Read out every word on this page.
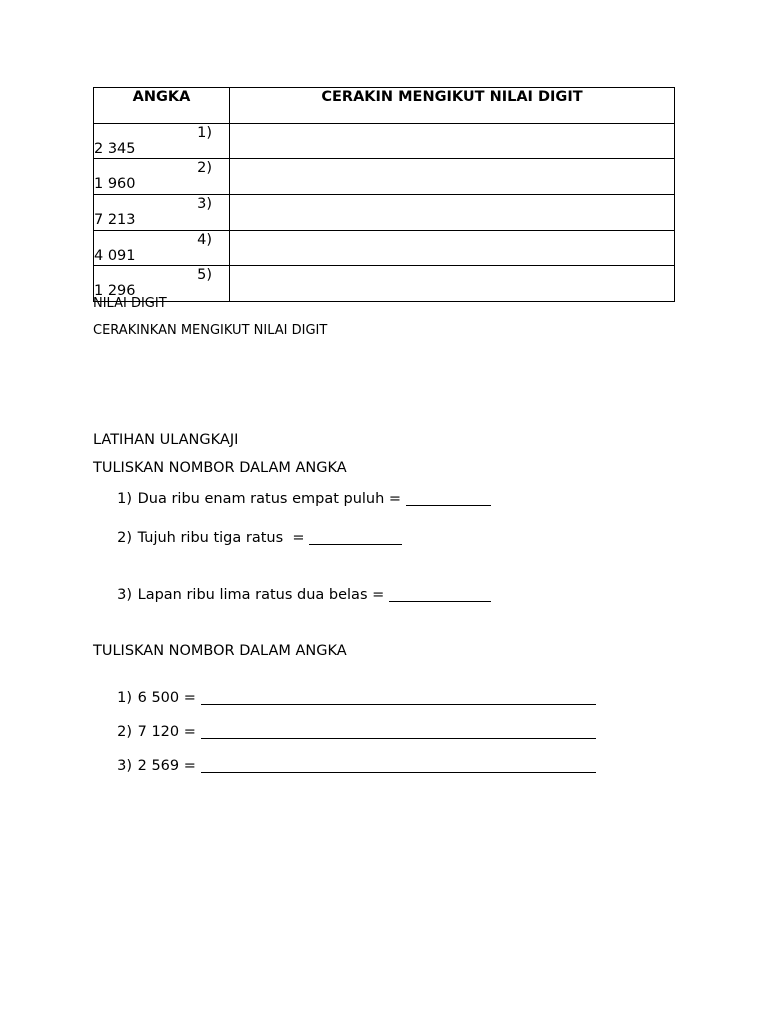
ANGKA	CERAKIN MENGIKUT NILAI DIGIT
1)2 345	
2)1 960	
3)7 213	
4)4 091	
5)1 296	
NILAI DIGIT
CERAKINKAN MENGIKUT NILAI DIGIT
LATIHAN ULANGKAJI
TULISKAN NOMBOR DALAM ANGKA
1) Dua ribu enam ratus empat puluh =
2) Tujuh ribu tiga ratus  =
3) Lapan ribu lima ratus dua belas =
TULISKAN NOMBOR DALAM ANGKA
1) 6 500 =
2) 7 120 =
3) 2 569 =
